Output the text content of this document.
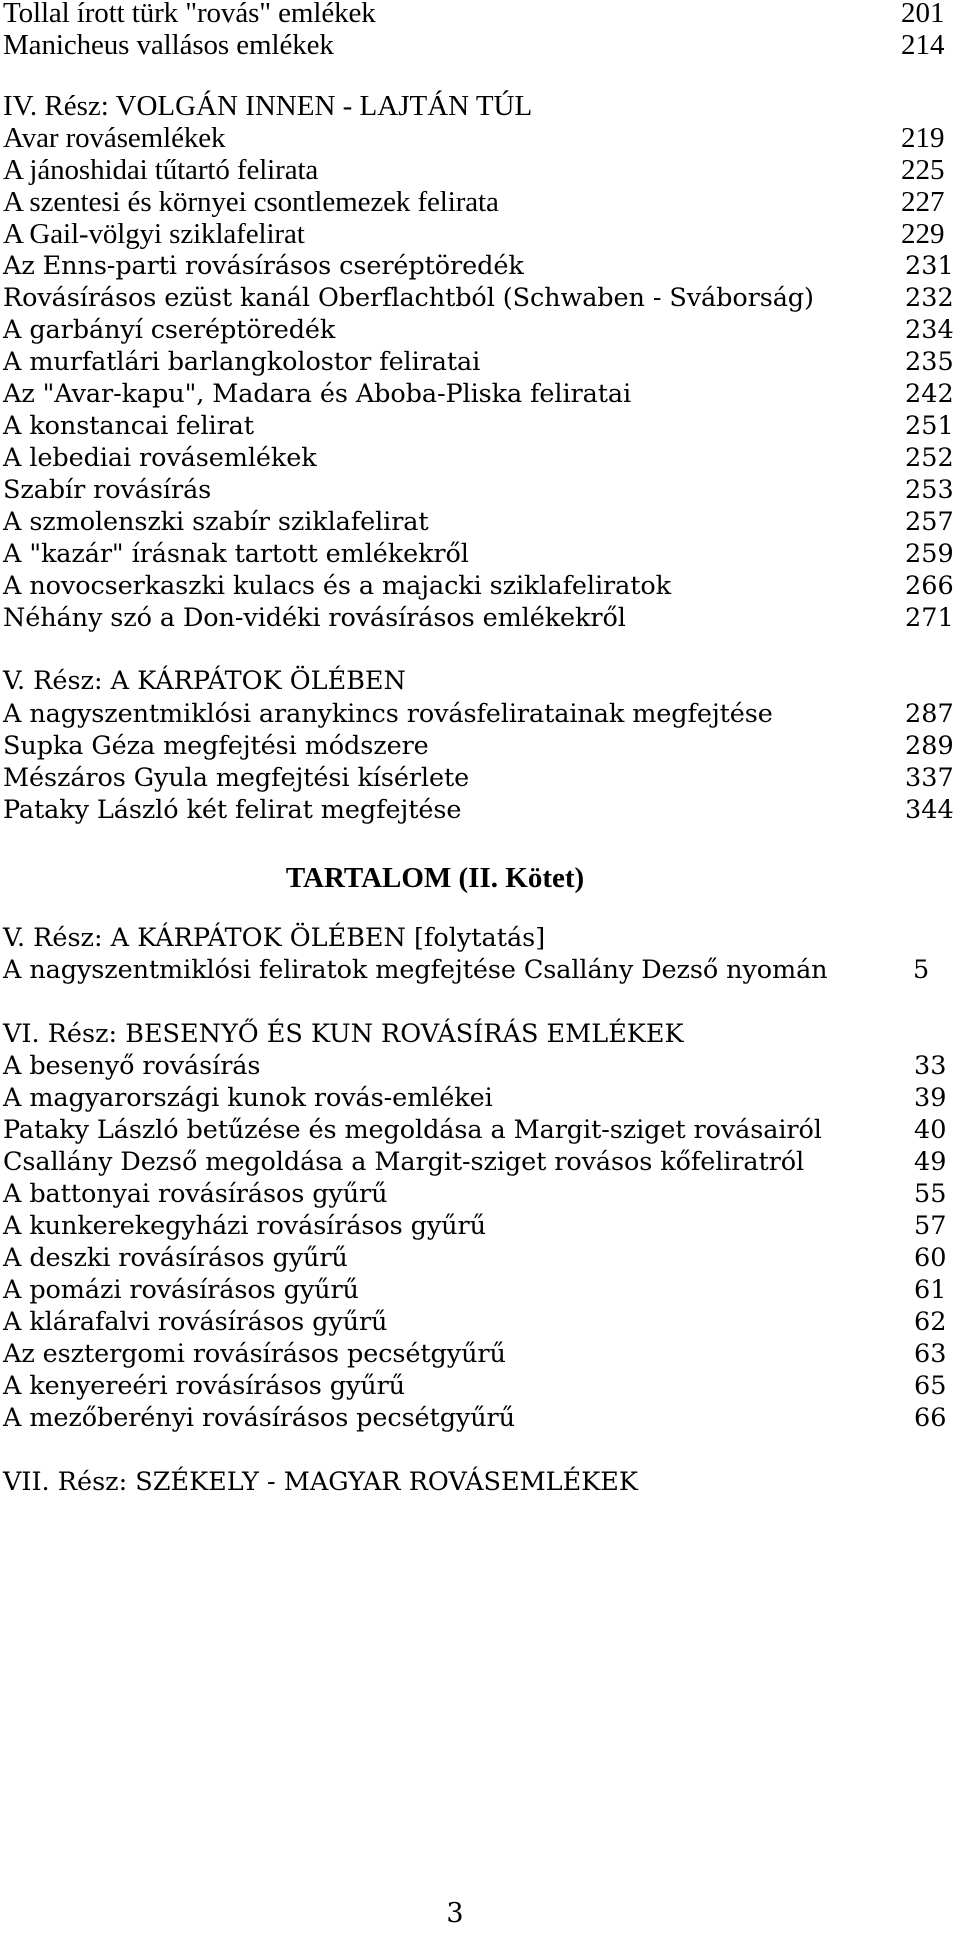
Tollal írott türk "rovás" emlékek	201
Manicheus vallásos emlékek	214
IV. Rész: VOLGÁN INNEN - LAJTÁN TÚL
Avar rovásemlékek	219
A jánoshidai tűtartó felirata	225
A szentesi és környei csontlemezek felirata	227
A Gail-völgyi sziklafelirat	229
Az Enns-parti rovásírásos cseréptöredék	231
Rovásírásos ezüst kanál Oberflachtból (Schwaben - Sváborság)	232
A garbányí cseréptöredék	234
A murfatlári barlangkolostor feliratai	235
Az "Avar-kapu", Madara és Aboba-Pliska feliratai	242
A konstancai felirat	251
A lebediai rovásemlékek	252
Szabír rovásírás	253
A szmolenszki szabír sziklafelirat	257
A "kazár" írásnak tartott emlékekről	259
A novocserkaszki kulacs és a majacki sziklafeliratok	266
Néhány szó a Don-vidéki rovásírásos emlékekről	271
V. Rész: A KÁRPÁTOK ÖLÉBEN
A nagyszentmiklósi aranykincs rovásfeliratainak megfejtése	287
Supka Géza megfejtési módszere	289
Mészáros Gyula megfejtési kísérlete	337
Pataky László két felirat megfejtése	344
TARTALOM (II. Kötet)
V. Rész: A KÁRPÁTOK ÖLÉBEN [folytatás]
A nagyszentmiklósi feliratok megfejtése Csallány Dezső nyomán	5
VI. Rész: BESENYŐ ÉS KUN ROVÁSÍRÁS EMLÉKEK
A besenyő rovásírás	33
A magyarországi kunok rovás-emlékei	39
Pataky László betűzése és megoldása a Margit-sziget rovásairól	40
Csallány Dezső megoldása a Margit-sziget rovásos kőfeliratról	49
A battonyai rovásírásos gyűrű	55
A kunkerekegyházi rovásírásos gyűrű	57
A deszki rovásírásos gyűrű	60
A pomázi rovásírásos gyűrű	61
A klárafalvi rovásírásos gyűrű	62
Az esztergomi rovásírásos pecsétgyűrű	63
A kenyereéri rovásírásos gyűrű	65
A mezőberényi rovásírásos pecsétgyűrű	66
VII. Rész: SZÉKELY - MAGYAR ROVÁSEMLÉKEK
3
